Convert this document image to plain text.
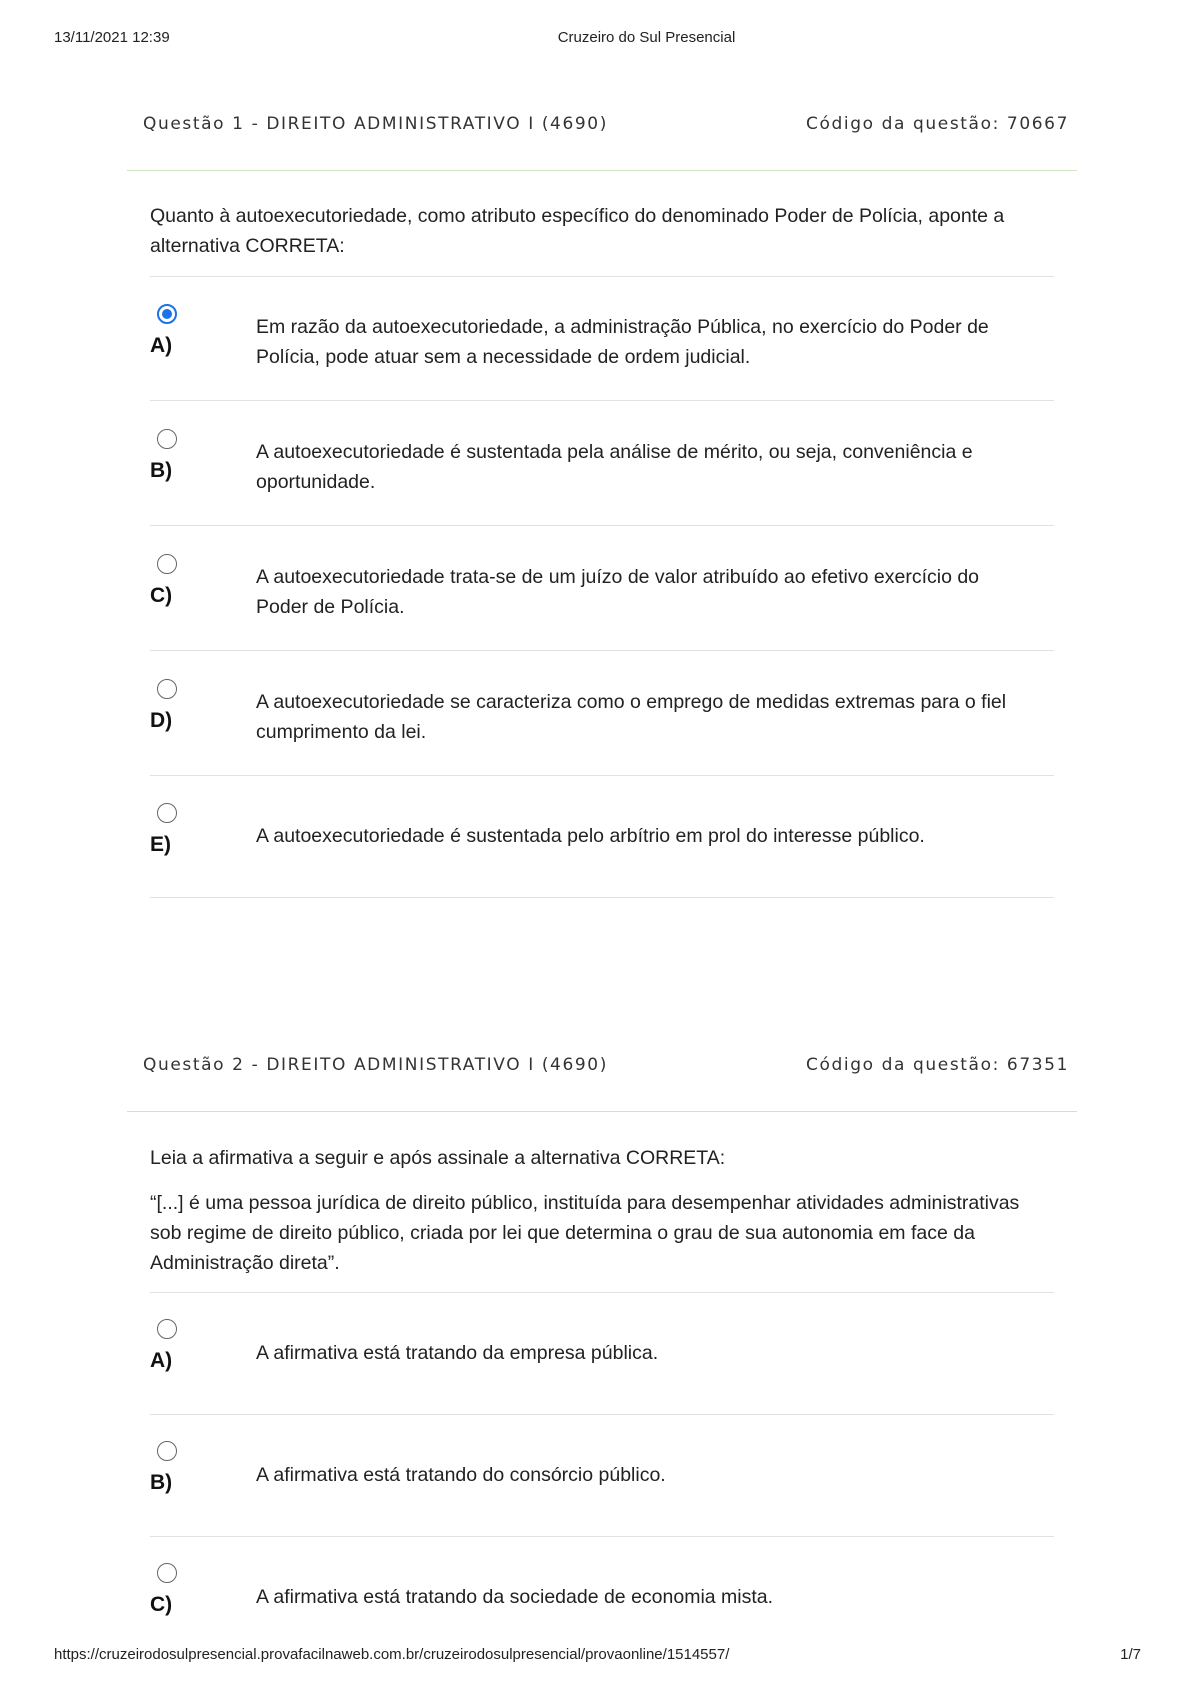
13/11/2021 12:39	Cruzeiro do Sul Presencial
Questão 1 - DIREITO ADMINISTRATIVO I (4690)	Código da questão: 70667

Quanto à autoexecutoriedade, como atributo específico do denominado Poder de Polícia, aponte a alternativa CORRETA:

A)
Em razão da autoexecutoriedade, a administração Pública, no exercício do Poder de Polícia, pode atuar sem a necessidade de ordem judicial.
B)
A autoexecutoriedade é sustentada pela análise de mérito, ou seja, conveniência e oportunidade.
C)
A autoexecutoriedade trata-se de um juízo de valor atribuído ao efetivo exercício do Poder de Polícia.
D)
A autoexecutoriedade se caracteriza como o emprego de medidas extremas para o fiel cumprimento da lei.
E)	A autoexecutoriedade é sustentada pelo arbítrio em prol do interesse público.
Questão 2 - DIREITO ADMINISTRATIVO I (4690)	Código da questão: 67351

Leia a afirmativa a seguir e após assinale a alternativa CORRETA:

“[...] é uma pessoa jurídica de direito público, instituída para desempenhar atividades administrativas sob regime de direito público, criada por lei que determina o grau de sua autonomia em face da Administração direta”.

A)	A afirmativa está tratando da empresa pública.
B)	A afirmativa está tratando do consórcio público.
C)	A afirmativa está tratando da sociedade de economia mista.
https://cruzeirodosulpresencial.provafacilnaweb.com.br/cruzeirodosulpresencial/provaonline/1514557/	1/7
